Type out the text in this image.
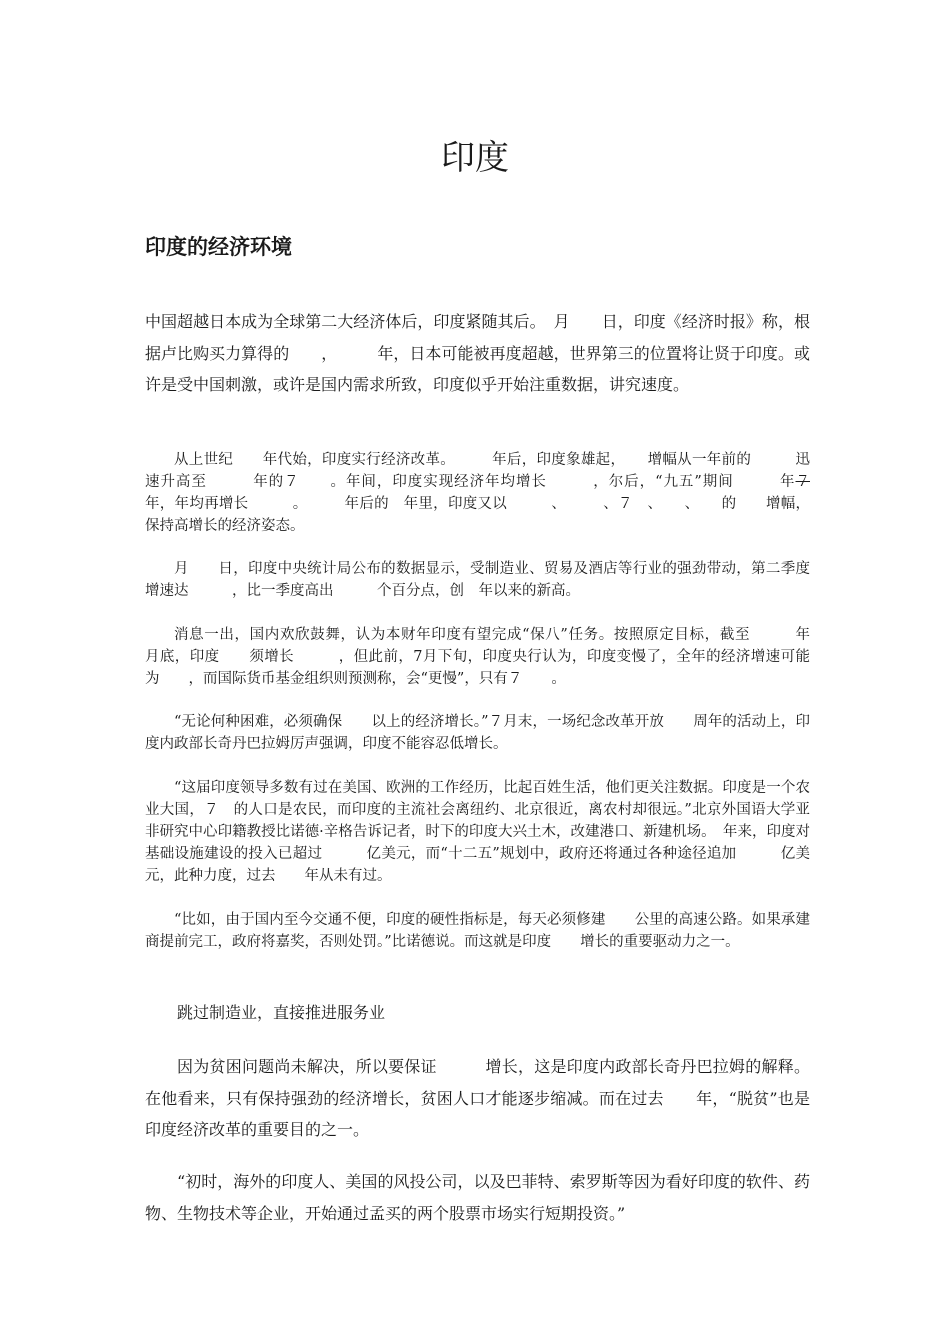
印度
印度的经济环境

中国超越日本成为全球第二大经济体后，印度紧随其后。　月　　日，印度《经济时报》称，根据卢比购买力算得的　　，　　　年，日本可能被再度超越，世界第三的位置将让贤于印度。或许是受中国刺激，或许是国内需求所致，印度似乎开始注重数据，讲究速度。

从上世纪　　年代始，印度实行经济改革。　　　年后，印度象雄起，　　增幅从一年前的　　　迅速升高至　　　年的７　　。年间，印度实现经济年均增长　　　，尔后，“九五”期间　　　年７　　年，年均再增长　　　。　　　年后的　年里，印度又以　　　、　　　、７　、　　、　　的　　增幅，保持高增长的经济姿态。

月　　日，印度中央统计局公布的数据显示，受制造业、贸易及酒店等行业的强劲带动，第二季度　　增速达　　　，比一季度高出　　　个百分点，创　年以来的新高。

消息一出，国内欢欣鼓舞，认为本财年印度有望完成“保八”任务。按照原定目标，截至　　　年　月底，印度　　须增长　　　，但此前，7月下旬，印度央行认为，印度变慢了，全年的经济增速可能为　　，而国际货币基金组织则预测称，会“更慢”，只有７　　。

“无论何种困难，必须确保　　以上的经济增长。”７月末，一场纪念改革开放　　周年的活动上，印度内政部长奇丹巴拉姆厉声强调，印度不能容忍低增长。

“这届印度领导多数有过在美国、欧洲的工作经历，比起百姓生活，他们更关注数据。印度是一个农业大国，７　的人口是农民，而印度的主流社会离纽约、北京很近，离农村却很远。”北京外国语大学亚非研究中心印籍教授比诺德·辛格告诉记者，时下的印度大兴土木，改建港口、新建机场。　年来，印度对基础设施建设的投入已超过　　　亿美元，而“十二五”规划中，政府还将通过各种途径追加　　　亿美元，此种力度，过去　　年从未有过。

“比如，由于国内至今交通不便，印度的硬性指标是，每天必须修建　　公里的高速公路。如果承建商提前完工，政府将嘉奖，否则处罚。”比诺德说。而这就是印度　　增长的重要驱动力之一。

跳过制造业，直接推进服务业

因为贫困问题尚未解决，所以要保证　　　增长，这是印度内政部长奇丹巴拉姆的解释。在他看来，只有保持强劲的经济增长，贫困人口才能逐步缩减。而在过去　　年，“脱贫”也是印度经济改革的重要目的之一。

“初时，海外的印度人、美国的风投公司，以及巴菲特、索罗斯等因为看好印度的软件、药物、生物技术等企业，开始通过孟买的两个股票市场实行短期投资。”
